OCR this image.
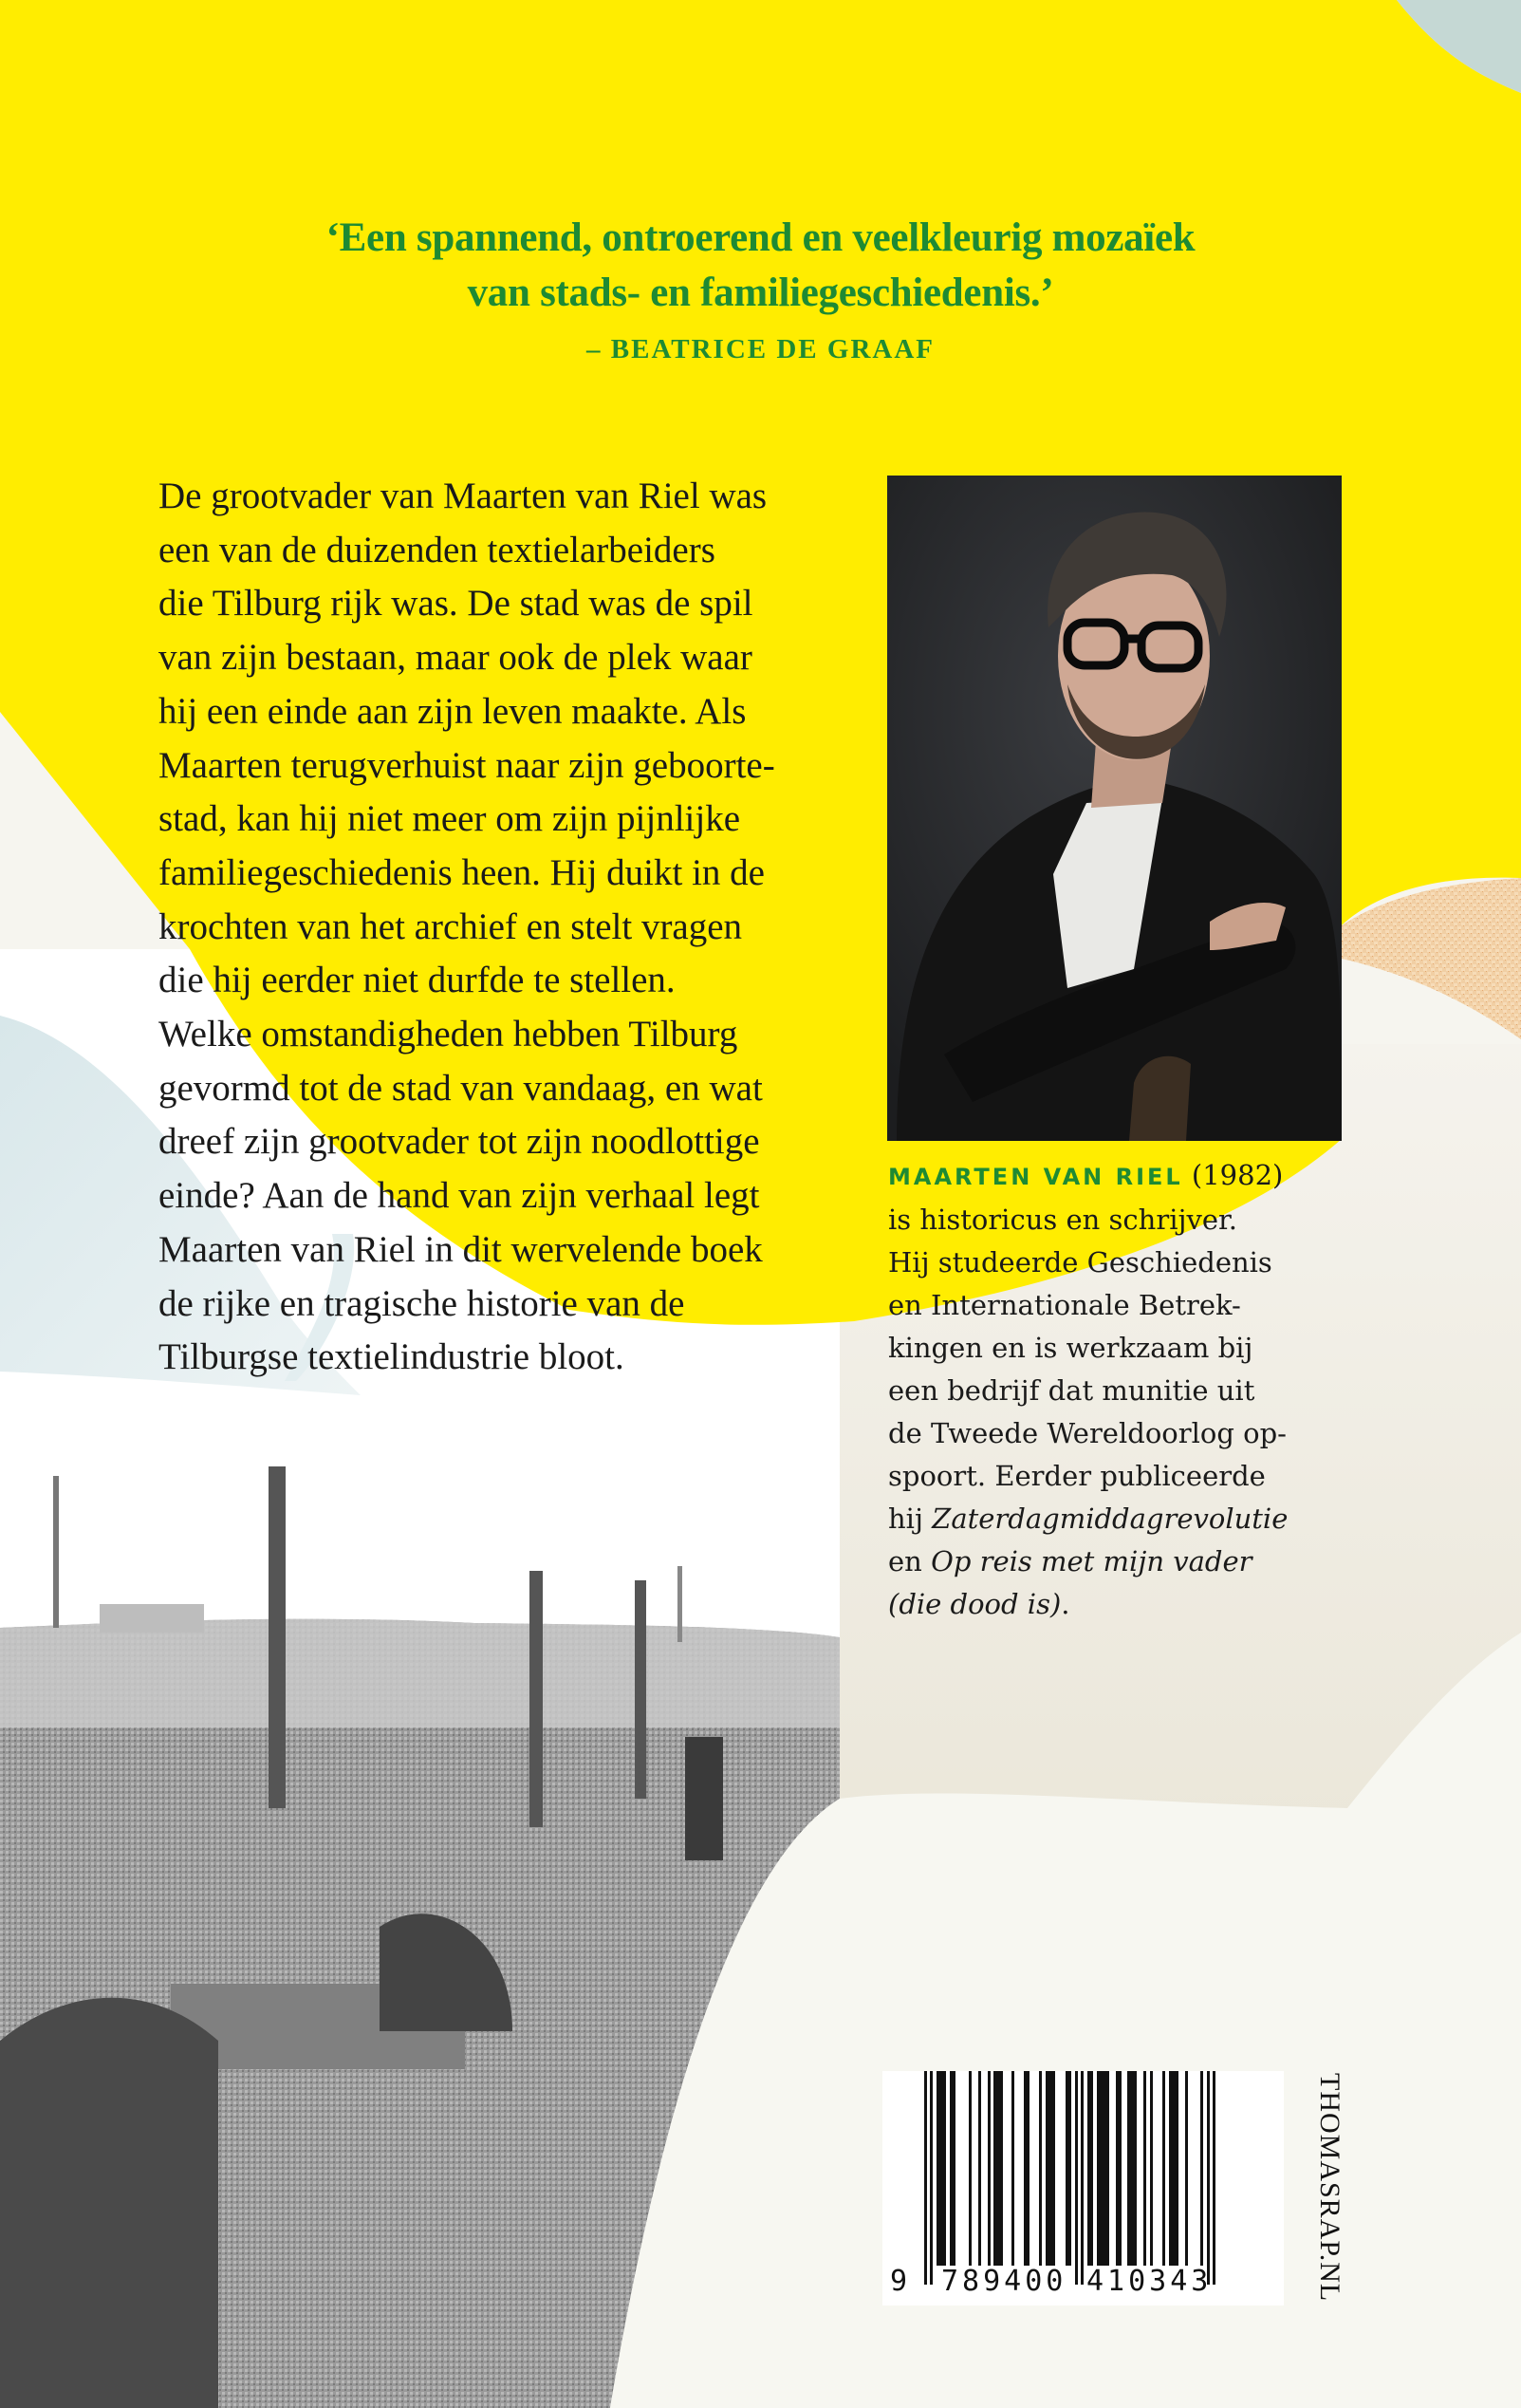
‘Een spannend, ontroerend en veelkleurig mozaïek
van stads- en familiegeschiedenis.’
– BEATRICE DE GRAAF
De grootvader van Maarten van Riel was
een van de duizenden textielarbeiders
die Tilburg rijk was. De stad was de spil
van zijn bestaan, maar ook de plek waar
hij een einde aan zijn leven maakte. Als
Maarten terugverhuist naar zijn geboorte-
stad, kan hij niet meer om zijn pijnlijke
familiegeschiedenis heen. Hij duikt in de
krochten van het archief en stelt vragen
die hij eerder niet durfde te stellen.
Welke omstandigheden hebben Tilburg
gevormd tot de stad van vandaag, en wat
dreef zijn grootvader tot zijn noodlottige
einde? Aan de hand van zijn verhaal legt
Maarten van Riel in dit wervelende boek
de rijke en tragische historie van de
Tilburgse textielindustrie bloot.
MAARTEN VAN RIEL (1982)
is historicus en schrijver.
Hij studeerde Geschiedenis
en Internationale Betrek-
kingen en is werkzaam bij
een bedrijf dat munitie uit
de Tweede Wereldoorlog op-
spoort. Eerder publiceerde
hij Zaterdagmiddagrevolutie
en Op reis met mijn vader
(die dood is).
9 789400 410343	THOMASRAP.NL
